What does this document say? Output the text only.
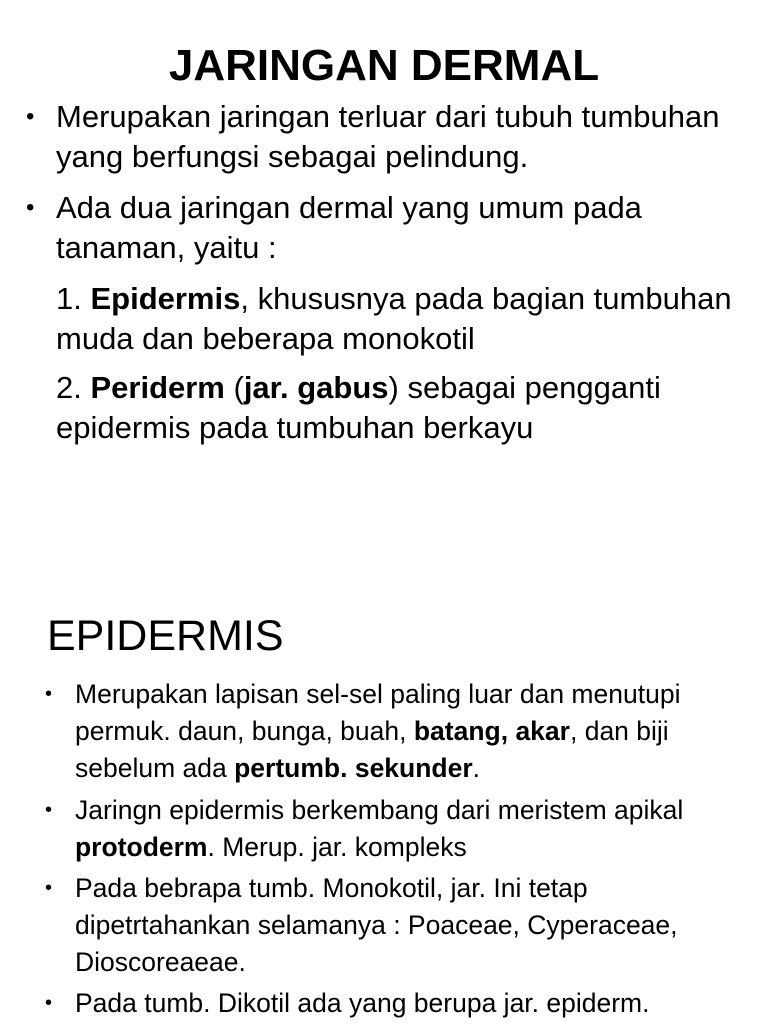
JARINGAN DERMAL
• Merupakan jaringan terluar dari tubuh tumbuhan yang berfungsi sebagai pelindung.
• Ada dua jaringan dermal yang umum pada tanaman, yaitu :
1. Epidermis, khususnya pada bagian tumbuhan muda dan beberapa monokotil
2. Periderm (jar. gabus) sebagai pengganti epidermis pada tumbuhan berkayu
EPIDERMIS
• Merupakan lapisan sel-sel paling luar dan menutupi permuk. daun, bunga, buah, batang, akar, dan biji sebelum ada pertumb. sekunder.
• Jaringn epidermis berkembang dari meristem apikal protoderm. Merup. jar. kompleks
• Pada bebrapa tumb. Monokotil, jar. Ini tetap dipetrtahankan selamanya : Poaceae, Cyperaceae, Dioscoreaeae.
• Pada tumb. Dikotil ada yang berupa jar. epiderm.
